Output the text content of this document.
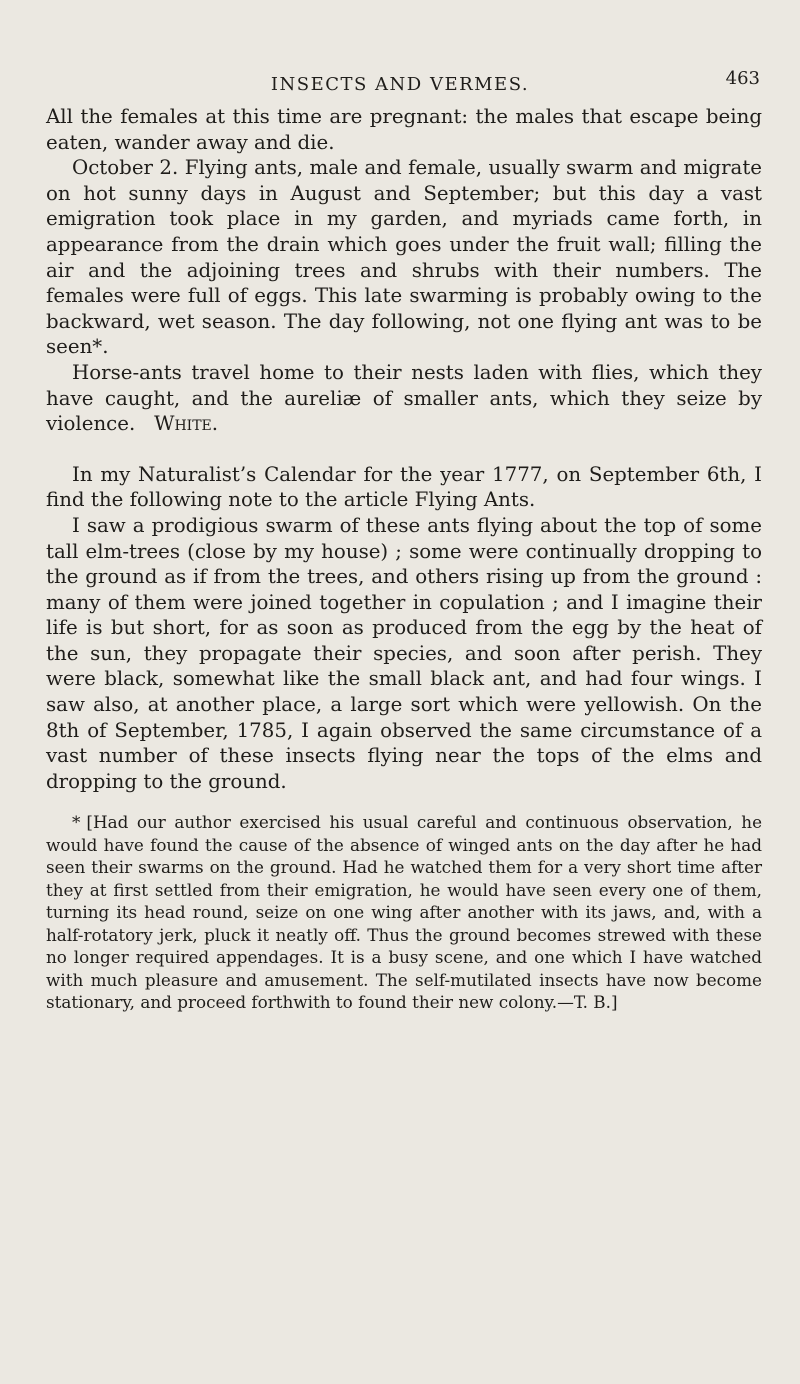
INSECTS AND VERMES.	463

All the females at this time are pregnant: the males that escape being eaten, wander away and die.

October 2. Flying ants, male and female, usually swarm and migrate on hot sunny days in August and September; but this day a vast emigration took place in my garden, and myriads came forth, in appearance from the drain which goes under the fruit wall; filling the air and the adjoining trees and shrubs with their numbers. The females were full of eggs. This late swarming is probably owing to the backward, wet season. The day following, not one flying ant was to be seen*.

Horse-ants travel home to their nests laden with flies, which they have caught, and the aureliæ of smaller ants, which they seize by violence. White.

In my Naturalist’s Calendar for the year 1777, on September 6th, I find the following note to the article Flying Ants.

I saw a prodigious swarm of these ants flying about the top of some tall elm-trees (close by my house) ; some were continually dropping to the ground as if from the trees, and others rising up from the ground : many of them were joined together in copulation ; and I imagine their life is but short, for as soon as produced from the egg by the heat of the sun, they propagate their species, and soon after perish. They were black, somewhat like the small black ant, and had four wings. I saw also, at another place, a large sort which were yellowish. On the 8th of September, 1785, I again observed the same circumstance of a vast number of these insects flying near the tops of the elms and dropping to the ground.

* [Had our author exercised his usual careful and continuous observation, he would have found the cause of the absence of winged ants on the day after he had seen their swarms on the ground. Had he watched them for a very short time after they at first settled from their emigration, he would have seen every one of them, turning its head round, seize on one wing after another with its jaws, and, with a half-rotatory jerk, pluck it neatly off. Thus the ground becomes strewed with these no longer required appendages. It is a busy scene, and one which I have watched with much pleasure and amusement. The self-mutilated insects have now become stationary, and proceed forthwith to found their new colony.—T. B.]
